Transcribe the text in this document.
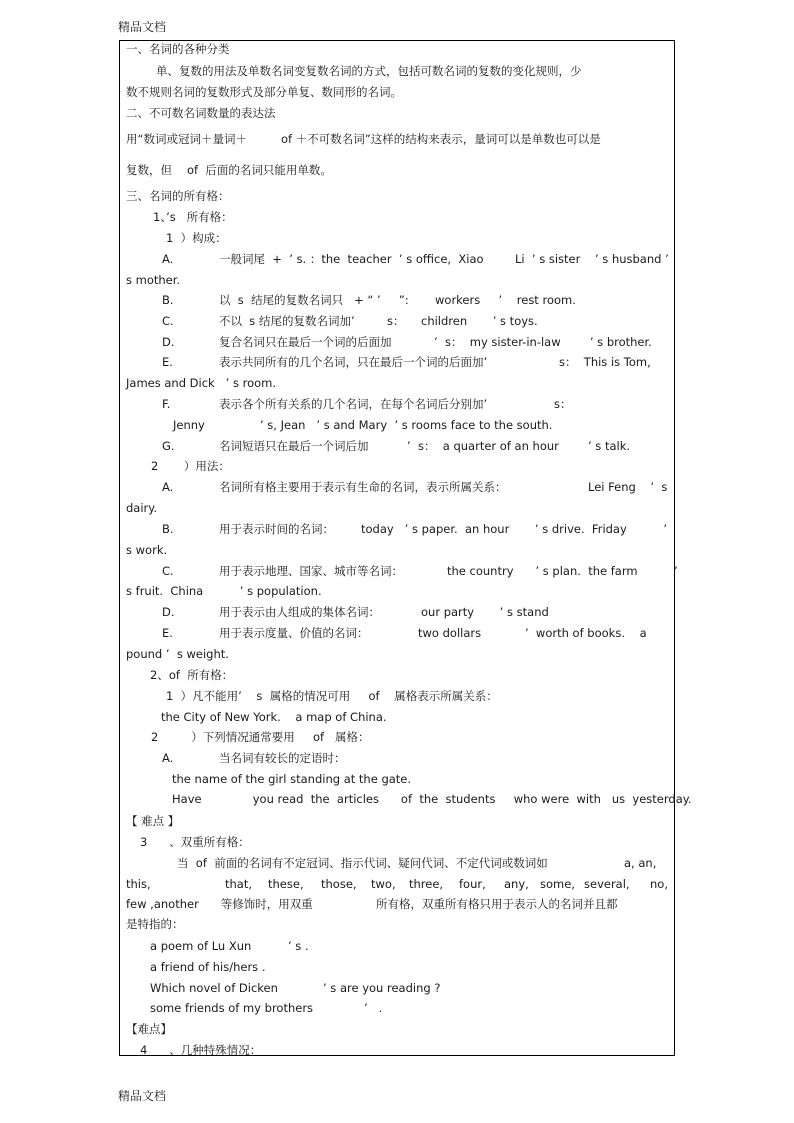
精品文档
一、名词的各种分类
单、复数的用法及单数名词变复数名词的方式，包括可数名词的复数的变化规则，少
数不规则名词的复数形式及部分单复、数同形的名词。
二、不可数名词数量的表达法
用“数词或冠词＋量词＋	of ＋不可数名词”这样的结构来表示，量词可以是单数也可以是
复数，但 of  后面的名词只能用单数。
三、名词的所有格：
1、’s   所有格：
1  ）构成：
A.	一般词尾  +  ’ s. ：the  teacher  ’ s office,  Xiao	Li  ’ s sister    ’ s husband ’
s mother.
B.	以  s  结尾的复数名词只   + “ ’     ”: workers     ’    rest room.
C.	不以  s 结尾的复数名词加’	s： children       ’ s toys.
D.	复合名词只在最后一个词的后面加	’  s：  my sister-in-law        ’ s brother.
E.	表示共同所有的几个名词，只在最后一个词的后面加’	s：  This is Tom,
James and Dick   ’ s room.
F.	表示各个所有关系的几个名词，在每个名词后分别加’	s：
Jenny	’ s, Jean   ’ s and Mary  ’ s rooms face to the south.
G.	名词短语只在最后一个词后加	’  s：  a quarter of an hour	’ s talk.
2       ）用法：
A.	名词所有格主要用于表示有生命的名词，表示所属关系：	Lei Feng    ’  s
dairy.
B.	用于表示时间的名词： today   ’ s paper.  an hour       ’ s drive.  Friday          ’
s work.
C.	用于表示地理、国家、城市等名词：	the country      ’ s plan.  the farm          ’
s fruit.  China          ’ s population.
D.	用于表示由人组成的集体名词：	our party       ’ s stand
E.	用于表示度量、价值的名词：	two dollars            ’  worth of books.    a
pound ’  s weight.
2、of  所有格：
1  ）凡不能用’    s  属格的情况可用     of    属格表示所属关系：
the City of New York.    a map of China.
2         ）下列情况通常要用     of   属格：
A.	当名词有较长的定语时：
the name of the girl standing at the gate.
Have              you read  the  articles      of  the  students     who were  with   us  yesterday.
【 难点 】
3      、双重所有格：
当  of  前面的名词有不定冠词、指示代词、疑问代词、不定代词或数词如	a, an,
this,	that, these, those, two, three, four, any, some, several, no,
few ,another      等修饰时，用双重	所有格，双重所有格只用于表示人的名词并且都
是特指的：
a poem of Lu Xun	’ s .
a friend of his/hers .
Which novel of Dicken	’ s are you reading ?
some friends of my brothers	’   .
【难点】
4      、几种特殊情况：
精品文档
